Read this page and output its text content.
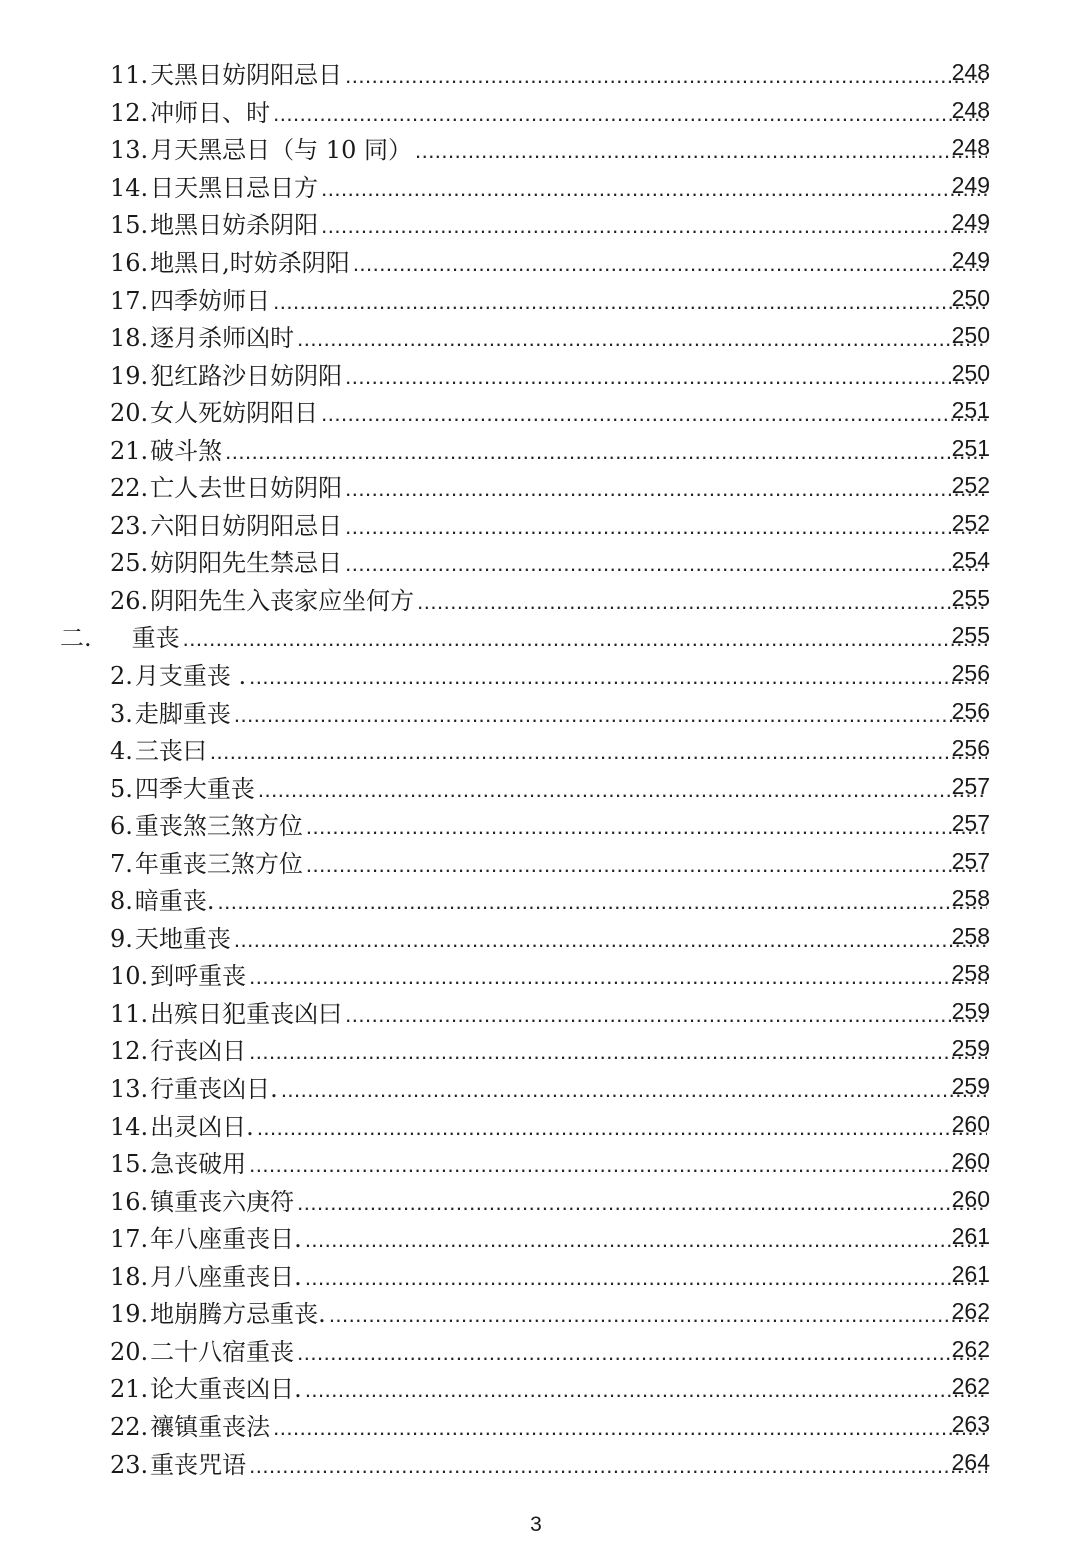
11. 天黑日妨阴阳忌日 .....	248
12. 冲师日、时 .....	248
13. 月天黑忌日（与 10 同） .....	248
14. 日天黑日忌日方 .....	249
15. 地黑日妨杀阴阳 .....	249
16. 地黑日,时妨杀阴阳 .....	249
17. 四季妨师日 .....	250
18. 逐月杀师凶时 .....	250
19. 犯红路沙日妨阴阳 .....	250
20. 女人死妨阴阳日 .....	251
21. 破斗煞 .....	251
22. 亡人去世日妨阴阳 .....	252
23. 六阳日妨阴阳忌日 .....	252
25. 妨阴阳先生禁忌日 .....	254
26. 阴阳先生入丧家应坐何方 .....	255
二. 重丧 .....	255
2. 月支重丧 . .....	256
3. 走脚重丧 .....	256
4. 三丧曰 .....	256
5. 四季大重丧 .....	257
6. 重丧煞三煞方位 .....	257
7. 年重丧三煞方位 .....	257
8. 暗重丧. .....	258
9. 天地重丧 .....	258
10. 到呼重丧 .....	258
11. 出殡日犯重丧凶曰 .....	259
12. 行丧凶日 .....	259
13. 行重丧凶日. .....	259
14. 出灵凶日. .....	260
15. 急丧破用 .....	260
16. 镇重丧六庚符 .....	260
17. 年八座重丧日. .....	261
18. 月八座重丧日. .....	261
19. 地崩腾方忌重丧. .....	262
20. 二十八宿重丧 .....	262
21. 论大重丧凶日. .....	262
22. 禳镇重丧法 .....	263
23. 重丧咒语 .....	264
3
